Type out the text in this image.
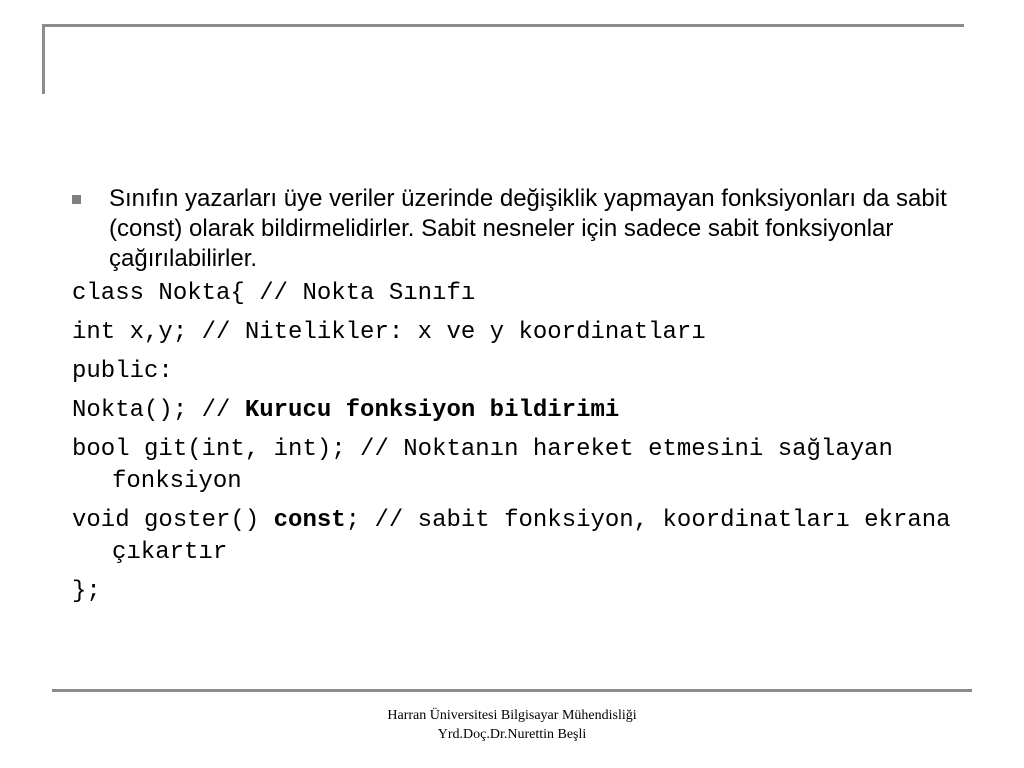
Sınıfın yazarları üye veriler üzerinde değişiklik yapmayan fonksiyonları da sabit (const) olarak bildirmelidirler. Sabit nesneler için sadece sabit fonksiyonlar çağırılabilirler.
class Nokta{ // Nokta Sınıfı
int x,y; // Nitelikler: x ve y koordinatları
public:
Nokta(); // Kurucu fonksiyon bildirimi
bool git(int, int); // Noktanın hareket etmesini sağlayan fonksiyon
void goster() const; // sabit fonksiyon, koordinatları ekrana çıkartır
};
Harran Üniversitesi Bilgisayar Mühendisliği
Yrd.Doç.Dr.Nurettin Beşli
